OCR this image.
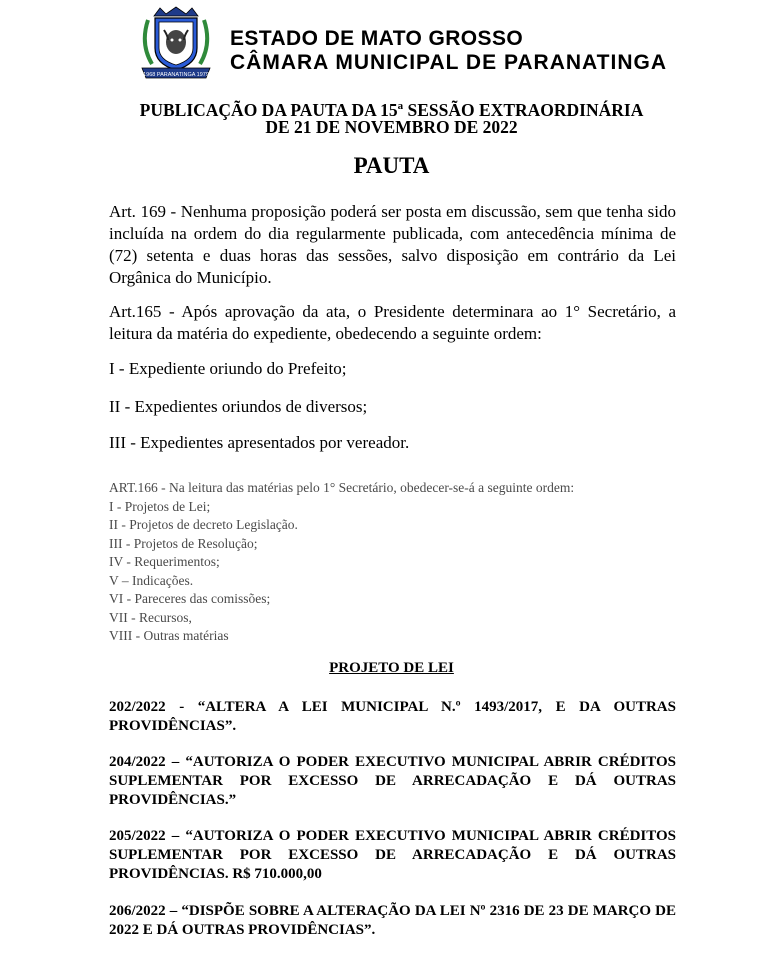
1968 PARANATINGA 1979
ESTADO DE MATO GROSSO
CÂMARA MUNICIPAL DE PARANATINGA
PUBLICAÇÃO DA PAUTA DA 15$^a$ SESSÃO EXTRAORDINÁRIA
DE 21 DE NOVEMBRO DE 2022
PAUTA
Art. 169 - Nenhuma proposição poderá ser posta em discussão, sem que tenha sido incluída na ordem do dia regularmente publicada, com antecedência mínima de (72) setenta e duas horas das sessões, salvo disposição em contrário da Lei Orgânica do Município.
Art.165 - Após aprovação da ata, o Presidente determinara ao 1° Secretário, a leitura da matéria do expediente, obedecendo a seguinte ordem:
I - Expediente oriundo do Prefeito;
II - Expedientes oriundos de diversos;
III - Expedientes apresentados por vereador.
ART.166 - Na leitura das matérias pelo 1° Secretário, obedecer-se-á a seguinte ordem:
I - Projetos de Lei;
II - Projetos de decreto Legislação.
III - Projetos de Resolução;
IV - Requerimentos;
V – Indicações.
VI - Pareceres das comissões;
VII - Recursos,
VIII - Outras matérias
PROJETO DE LEI
202/2022 - “ALTERA A LEI MUNICIPAL N.º 1493/2017, E DA OUTRAS PROVIDÊNCIAS”.
204/2022 – “AUTORIZA O PODER EXECUTIVO MUNICIPAL ABRIR CRÉDITOS SUPLEMENTAR POR EXCESSO DE ARRECADAÇÃO E DÁ OUTRAS PROVIDÊNCIAS.”
205/2022 – “AUTORIZA O PODER EXECUTIVO MUNICIPAL ABRIR CRÉDITOS SUPLEMENTAR POR EXCESSO DE ARRECADAÇÃO E DÁ OUTRAS PROVIDÊNCIAS. R$ 710.000,00
206/2022 – “DISPÕE SOBRE A ALTERAÇÃO DA LEI Nº 2316 DE 23 DE MARÇO DE 2022 E DÁ OUTRAS PROVIDÊNCIAS”.
